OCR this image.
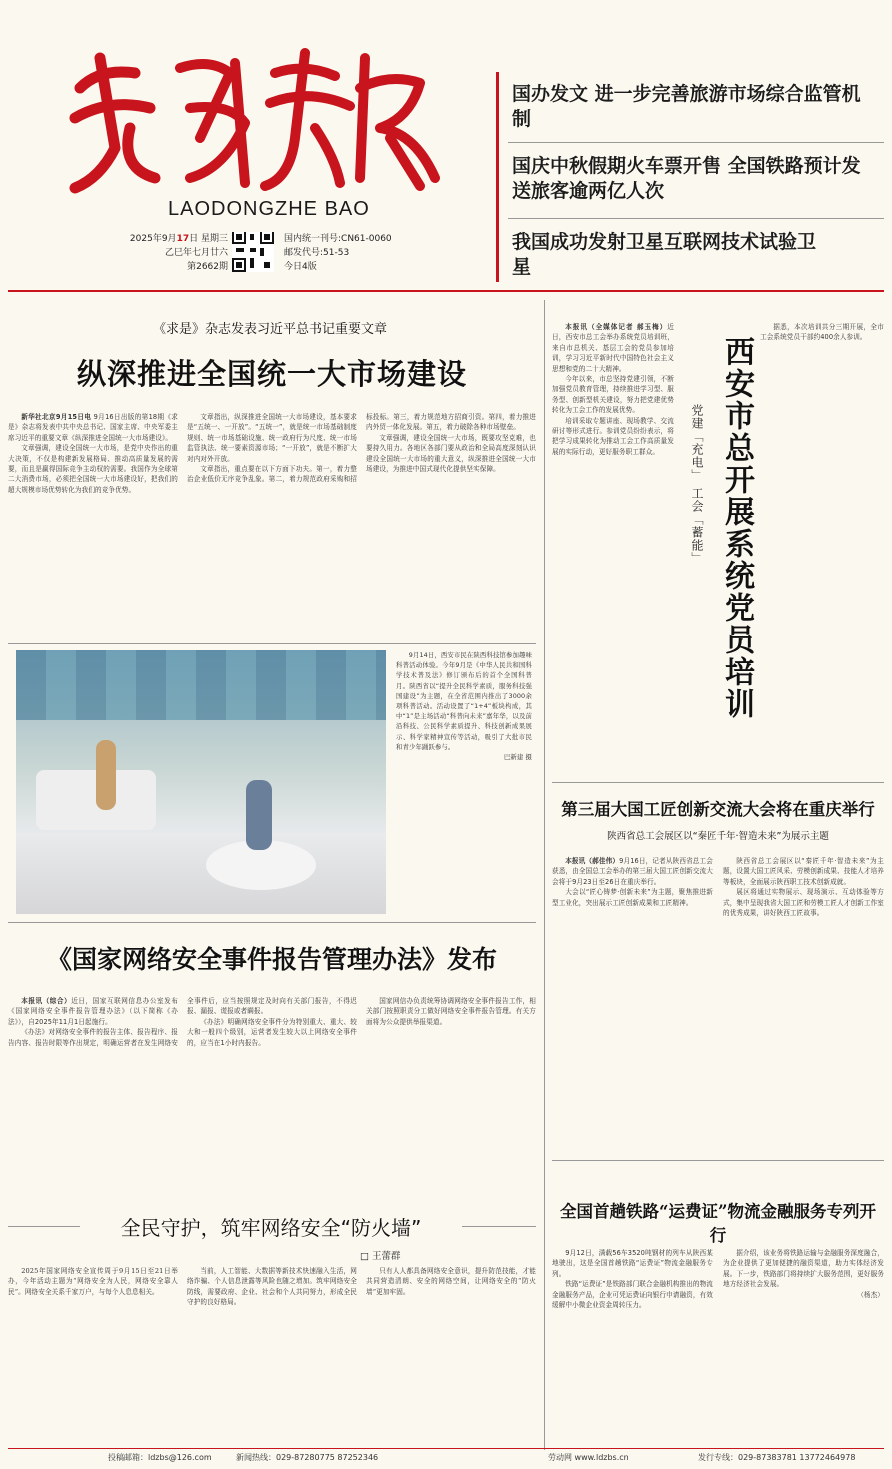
LAODONGZHE BAO
2025年9月17日 星期三
乙巳年七月廿六
第2662期
国内统一刊号:CN61-0060
邮发代号:51-53
今日4版
国办发文 进一步完善旅游市场综合监管机制
国庆中秋假期火车票开售 全国铁路预计发送旅客逾两亿人次
我国成功发射卫星互联网技术试验卫星
《求是》杂志发表习近平总书记重要文章
纵深推进全国统一大市场建设

新华社北京9月15日电 9月16日出版的第18期《求是》杂志将发表中共中央总书记、国家主席、中央军委主席习近平的重要文章《纵深推进全国统一大市场建设》。

文章强调，建设全国统一大市场，是党中央作出的重大决策，不仅是构建新发展格局、推动高质量发展的需要，而且是赢得国际竞争主动权的需要。我国作为全球第二大消费市场，必须把全国统一大市场建设好，把我们的超大规模市场优势转化为我们的竞争优势。

文章指出，纵深推进全国统一大市场建设，基本要求是“五统一、一开放”。“五统一”，就是统一市场基础制度规则、统一市场基础设施、统一政府行为尺度、统一市场监管执法、统一要素资源市场；“一开放”，就是不断扩大对内对外开放。

文章指出，重点要在以下方面下功夫。第一，着力整治企业低价无序竞争乱象。第二，着力规范政府采购和招标投标。第三，着力规范地方招商引资。第四，着力推进内外贸一体化发展。第五，着力破除各种市场壁垒。

文章强调，建设全国统一大市场，既要攻坚克难，也要持久用力。各地区各部门要从政治和全局高度深刻认识建设全国统一大市场的重大意义，纵深推进全国统一大市场建设，为推进中国式现代化提供坚实保障。

9月14日，西安市民在陕西科技馆参加趣味科普活动体验。今年9月是《中华人民共和国科学技术普及法》修订颁布后的首个全国科普月。陕西省以“提升全民科学素质，服务科技强国建设”为主题，在全省范围内推出了3000余项科普活动。活动设置了“1+4”板块构成，其中“1”是主场活动“科普向未来”嘉年华，以及前沿科技、公民科学素质提升、科技创新成果展示、科学家精神宣传等活动，吸引了大批市民和青少年踊跃参与。

巴新建 摄
《国家网络安全事件报告管理办法》发布

本报讯（综合）近日，国家互联网信息办公室发布《国家网络安全事件报告管理办法》（以下简称《办法》），自2025年11月1日起施行。

《办法》对网络安全事件的报告主体、报告程序、报告内容、报告时限等作出规定，明确运营者在发生网络安全事件后，应当按照规定及时向有关部门报告，不得迟报、漏报、谎报或者瞒报。

《办法》明确网络安全事件分为特别重大、重大、较大和一般四个级别，运营者发生较大以上网络安全事件的，应当在1小时内报告。

国家网信办负责统筹协调网络安全事件报告工作，相关部门按照职责分工做好网络安全事件报告管理。有关方面将为公众提供举报渠道。

全民守护，筑牢网络安全“防火墙”
□ 王蕾群

2025年国家网络安全宣传周于9月15日至21日举办，今年活动主题为“网络安全为人民，网络安全靠人民”。网络安全关系千家万户，与每个人息息相关。

当前，人工智能、大数据等新技术快速融入生活，网络诈骗、个人信息泄露等风险也随之增加。筑牢网络安全防线，需要政府、企业、社会和个人共同努力，形成全民守护的良好格局。

只有人人都具备网络安全意识，提升防范技能，才能共同营造清朗、安全的网络空间，让网络安全的“防火墙”更加牢固。

本报讯（全媒体记者 郝玉梅）近日，西安市总工会举办系统党员培训班，来自市总机关、基层工会的党员参加培训，学习习近平新时代中国特色社会主义思想和党的二十大精神。

今年以来，市总坚持党建引领，不断加强党员教育管理，持续推进学习型、服务型、创新型机关建设，努力把党建优势转化为工会工作的发展优势。

培训采取专题讲座、现场教学、交流研讨等形式进行。参训党员纷纷表示，将把学习成果转化为推动工会工作高质量发展的实际行动，更好服务职工群众。	西安市总开展系统党员培训
党建「充电」 工会「蓄能」

据悉，本次培训共分三期开展，全市工会系统党员干部约400余人参训。

第三届大国工匠创新交流大会将在重庆举行
陕西省总工会展区以“秦匠千年·智造未来”为展示主题

本报讯（郝佳伟）9月16日，记者从陕西省总工会获悉，由全国总工会举办的第三届大国工匠创新交流大会将于9月23日至26日在重庆举行。

大会以“匠心铸梦·创新未来”为主题，聚焦推进新型工业化，突出展示工匠创新成果和工匠精神。

陕西省总工会展区以“秦匠千年·智造未来”为主题，设置大国工匠风采、劳模创新成果、技能人才培养等板块，全面展示陕西职工技术创新成就。

展区将通过实物展示、现场演示、互动体验等方式，集中呈现我省大国工匠和劳模工匠人才创新工作室的优秀成果，讲好陕西工匠故事。

全国首趟铁路“运费证”物流金融服务专列开行

9月12日，满载56车3520吨钢材的列车从陕西某地驶出，这是全国首趟铁路“运费证”物流金融服务专列。

铁路“运费证”是铁路部门联合金融机构推出的物流金融服务产品，企业可凭运费证向银行申请融资，有效缓解中小微企业资金周转压力。

据介绍，该业务将铁路运输与金融服务深度融合，为企业提供了更加便捷的融资渠道，助力实体经济发展。下一步，铁路部门将持续扩大服务范围，更好服务地方经济社会发展。

（杨杰）
投稿邮箱：ldzbs@126.com	新闻热线：029-87280775 87252346	劳动网 www.ldzbs.cn	发行专线：029-87383781 13772464978
